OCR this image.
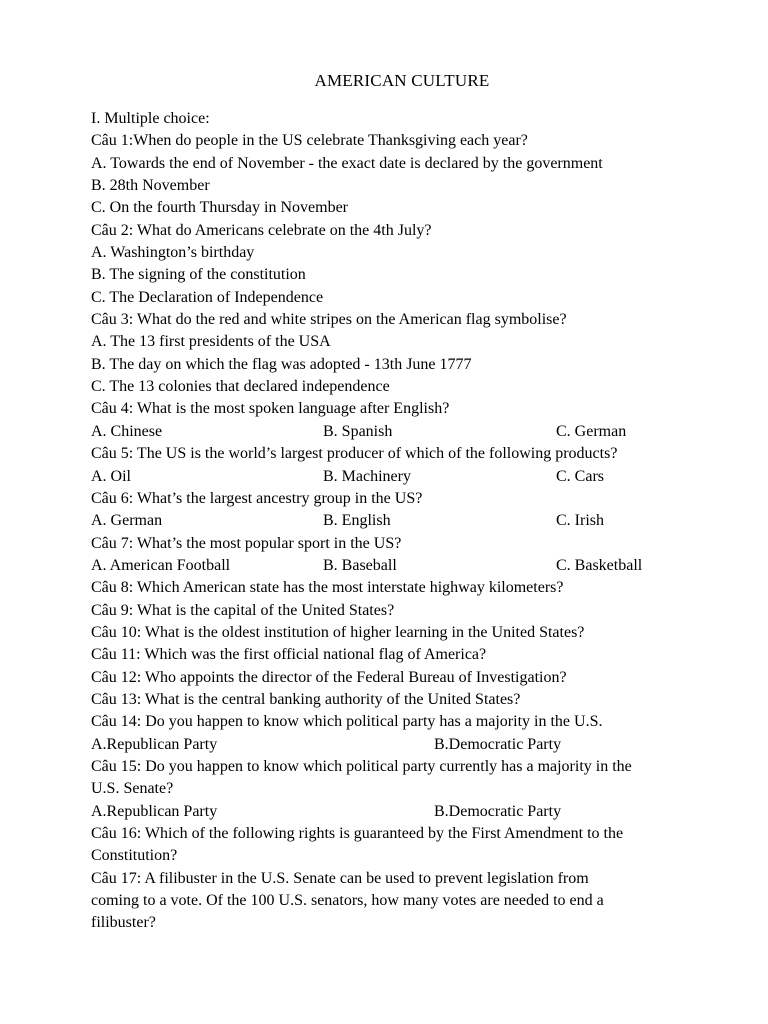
AMERICAN CULTURE
I. Multiple choice:
Câu 1:When do people in the US celebrate Thanksgiving each year?
A. Towards the end of November - the exact date is declared by the government
B. 28th November
C. On the fourth Thursday in November
Câu 2: What do Americans celebrate on the 4th July?
A. Washington’s birthday
B. The signing of the constitution
C. The Declaration of Independence
Câu 3: What do the red and white stripes on the American flag symbolise?
A. The 13 first presidents of the USA
B. The day on which the flag was adopted - 13th June 1777
C. The 13 colonies that declared independence
Câu 4: What is the most spoken language after English?
A. Chinese	B. Spanish	C. German
Câu 5: The US is the world’s largest producer of which of the following products?
A. Oil	B. Machinery	C. Cars
Câu 6: What’s the largest ancestry group in the US?
A. German	B. English	C. Irish
Câu 7: What’s the most popular sport in the US?
A. American Football	B. Baseball	C. Basketball
Câu 8: Which American state has the most interstate highway kilometers?
Câu 9: What is the capital of the United States?
Câu 10: What is the oldest institution of higher learning in the United States?
Câu 11: Which was the first official national flag of America?
Câu 12: Who appoints the director of the Federal Bureau of Investigation?
Câu 13: What is the central banking authority of the United States?
Câu 14: Do you happen to know which political party has a majority in the U.S.
A.Republican Party	B.Democratic Party
Câu 15: Do you happen to know which political party currently has a majority in the
U.S. Senate?
A.Republican Party	B.Democratic Party
Câu 16: Which of the following rights is guaranteed by the First Amendment to the
Constitution?
Câu 17: A filibuster in the U.S. Senate can be used to prevent legislation from
coming to a vote. Of the 100 U.S. senators, how many votes are needed to end a
filibuster?
